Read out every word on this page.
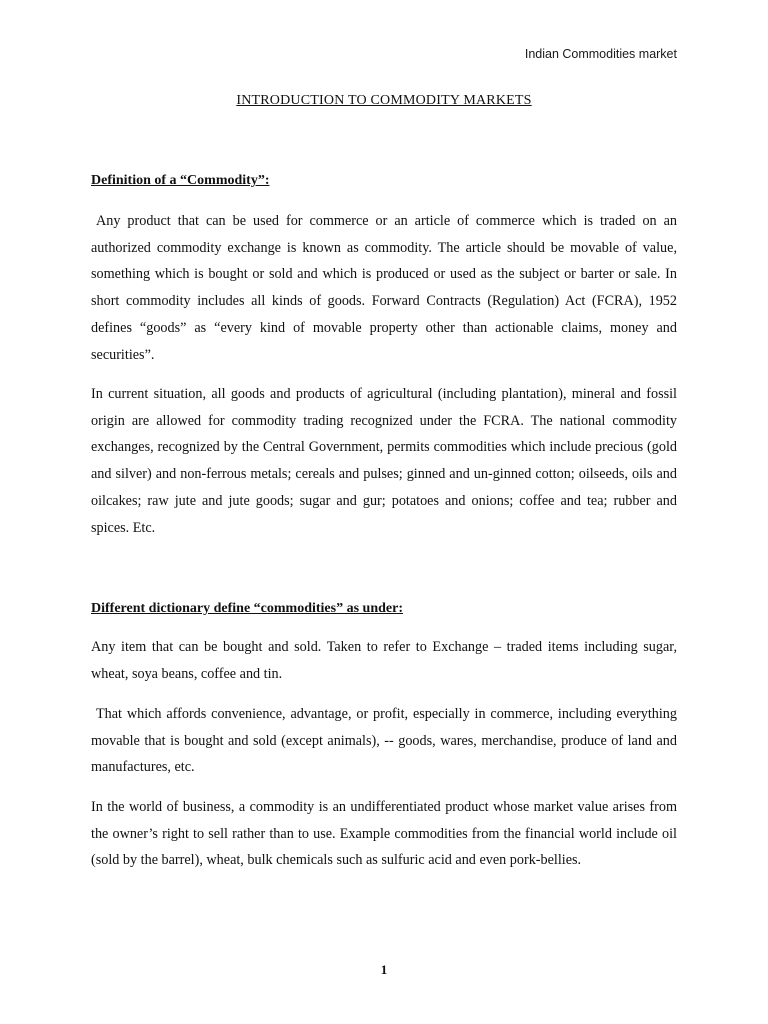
Indian Commodities market
INTRODUCTION TO COMMODITY MARKETS
Definition of a “Commodity”:

Any product that can be used for commerce or an article of commerce which is traded on an authorized commodity exchange is known as commodity. The article should be movable of value, something which is bought or sold and which is produced or used as the subject or barter or sale. In short commodity includes all kinds of goods. Forward Contracts (Regulation) Act (FCRA), 1952 defines “goods” as “every kind of movable property other than actionable claims, money and securities”.

In current situation, all goods and products of agricultural (including plantation), mineral and fossil origin are allowed for commodity trading recognized under the FCRA. The national commodity exchanges, recognized by the Central Government, permits commodities which include precious (gold and silver) and non-ferrous metals; cereals and pulses; ginned and un-ginned cotton; oilseeds, oils and oilcakes; raw jute and jute goods; sugar and gur; potatoes and onions; coffee and tea; rubber and spices. Etc.

Different dictionary define “commodities” as under:

Any item that can be bought and sold. Taken to refer to Exchange – traded items including sugar, wheat, soya beans, coffee and tin.

That which affords convenience, advantage, or profit, especially in commerce, including everything movable that is bought and sold (except animals), -- goods, wares, merchandise, produce of land and manufactures, etc.

In the world of business, a commodity is an undifferentiated product whose market value arises from the owner’s right to sell rather than to use. Example commodities from the financial world include oil (sold by the barrel), wheat, bulk chemicals such as sulfuric acid and even pork-bellies.

1
